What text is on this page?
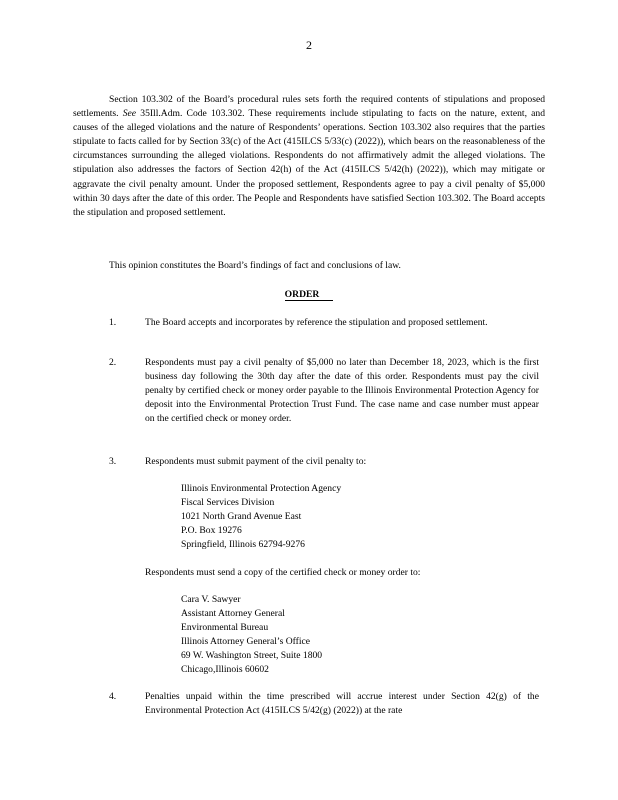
2

Section 103.302 of the Board’s procedural rules sets forth the required contents of stipulations and proposed settlements. See 35Ill.Adm. Code 103.302. These requirements include stipulating to facts on the nature, extent, and causes of the alleged violations and the nature of Respondents’ operations. Section 103.302 also requires that the parties stipulate to facts called for by Section 33(c) of the Act (415ILCS 5/33(c) (2022)), which bears on the reasonableness of the circumstances surrounding the alleged violations. Respondents do not affirmatively admit the alleged violations. The stipulation also addresses the factors of Section 42(h) of the Act (415ILCS 5/42(h) (2022)), which may mitigate or aggravate the civil penalty amount. Under the proposed settlement, Respondents agree to pay a civil penalty of $5,000 within 30 days after the date of this order. The People and Respondents have satisfied Section 103.302. The Board accepts the stipulation and proposed settlement.

This opinion constitutes the Board’s findings of fact and conclusions of law.

ORDER
1.	The Board accepts and incorporates by reference the stipulation and proposed settlement.

2.	Respondents must pay a civil penalty of $5,000 no later than December 18, 2023, which is the first business day following the 30th day after the date of this order. Respondents must pay the civil penalty by certified check or money order payable to the Illinois Environmental Protection Agency for deposit into the Environmental Protection Trust Fund. The case name and case number must appear on the certified check or money order.

3.	Respondents must submit payment of the civil penalty to:

Illinois Environmental Protection Agency
Fiscal Services Division
1021 North Grand Avenue East
P.O. Box 19276
Springfield, Illinois 62794-9276

Respondents must send a copy of the certified check or money order to:

Cara V. Sawyer
Assistant Attorney General
Environmental Bureau
Illinois Attorney General’s Office
69 W. Washington Street, Suite 1800
Chicago,Illinois 60602
4.	Penalties unpaid within the time prescribed will accrue interest under Section 42(g) of the Environmental Protection Act (415ILCS 5/42(g) (2022)) at the rate
